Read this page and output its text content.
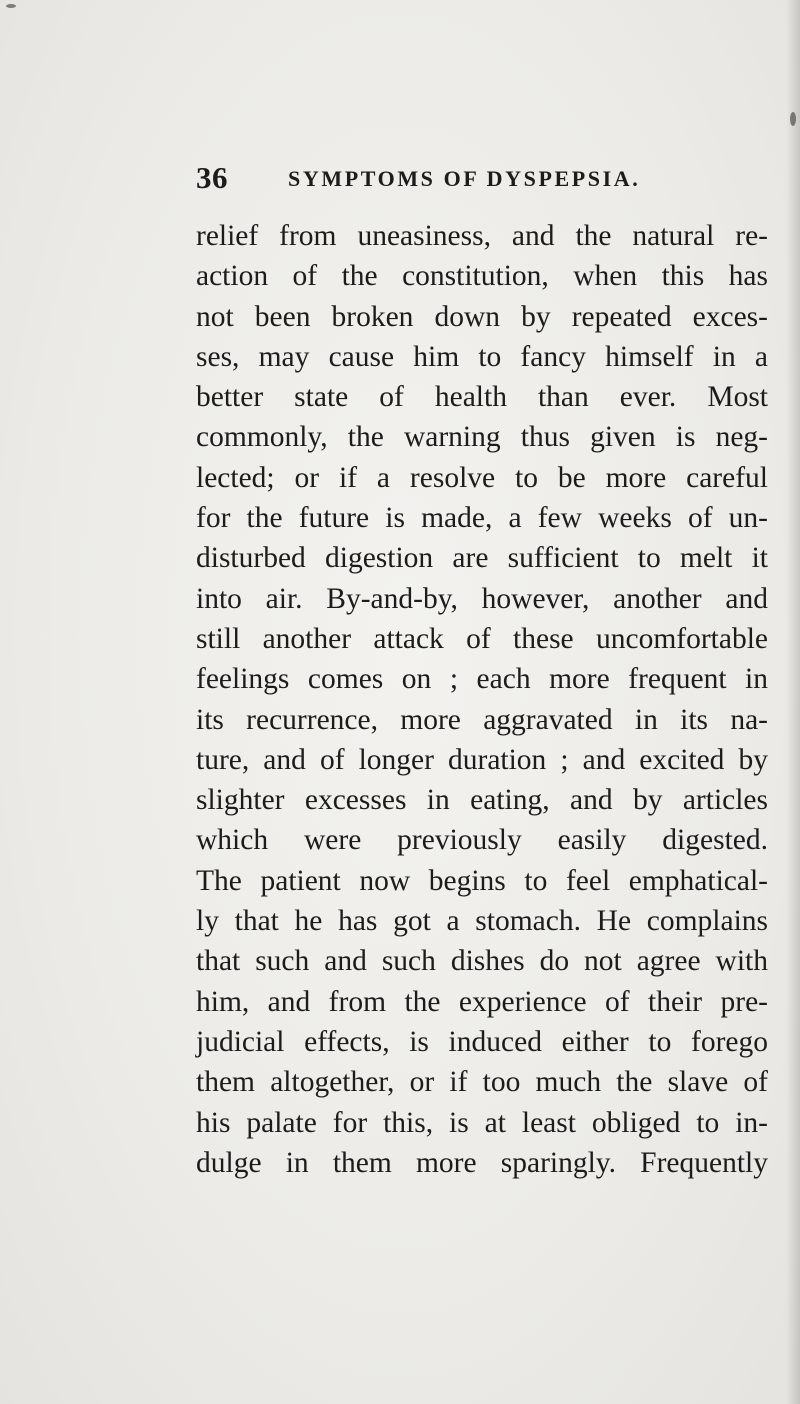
36	SYMPTOMS OF DYSPEPSIA.
relief from uneasiness, and the natural re-
action of the constitution, when this has
not been broken down by repeated exces-
ses, may cause him to fancy himself in a
better state of health than ever. Most
commonly, the warning thus given is neg-
lected; or if a resolve to be more careful
for the future is made, a few weeks of un-
disturbed digestion are sufficient to melt it
into air. By-and-by, however, another and
still another attack of these uncomfortable
feelings comes on ; each more frequent in
its recurrence, more aggravated in its na-
ture, and of longer duration ; and excited by
slighter excesses in eating, and by articles
which were previously easily digested.
The patient now begins to feel emphatical-
ly that he has got a stomach. He complains
that such and such dishes do not agree with
him, and from the experience of their pre-
judicial effects, is induced either to forego
them altogether, or if too much the slave of
his palate for this, is at least obliged to in-
dulge in them more sparingly. Frequently
